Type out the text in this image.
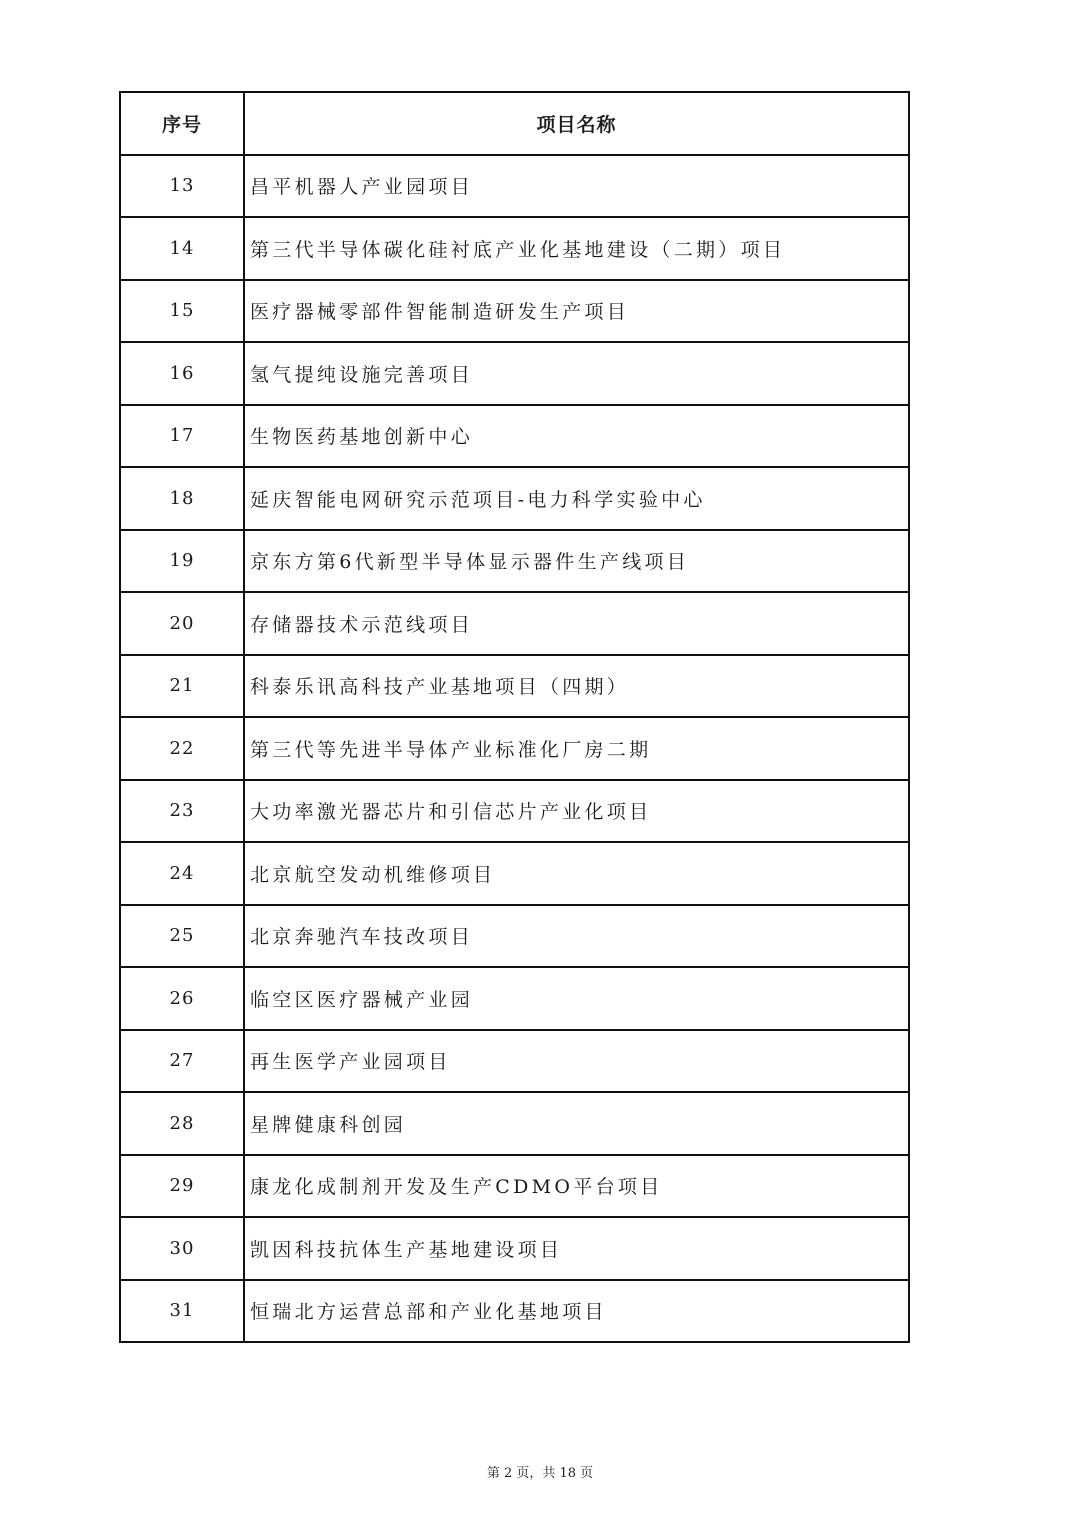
序号	项目名称
13	昌平机器人产业园项目
14	第三代半导体碳化硅衬底产业化基地建设（二期）项目
15	医疗器械零部件智能制造研发生产项目
16	氢气提纯设施完善项目
17	生物医药基地创新中心
18	延庆智能电网研究示范项目-电力科学实验中心
19	京东方第6代新型半导体显示器件生产线项目
20	存储器技术示范线项目
21	科泰乐讯高科技产业基地项目（四期）
22	第三代等先进半导体产业标准化厂房二期
23	大功率激光器芯片和引信芯片产业化项目
24	北京航空发动机维修项目
25	北京奔驰汽车技改项目
26	临空区医疗器械产业园
27	再生医学产业园项目
28	星牌健康科创园
29	康龙化成制剂开发及生产CDMO平台项目
30	凯因科技抗体生产基地建设项目
31	恒瑞北方运营总部和产业化基地项目
第 2 页，共 18 页
